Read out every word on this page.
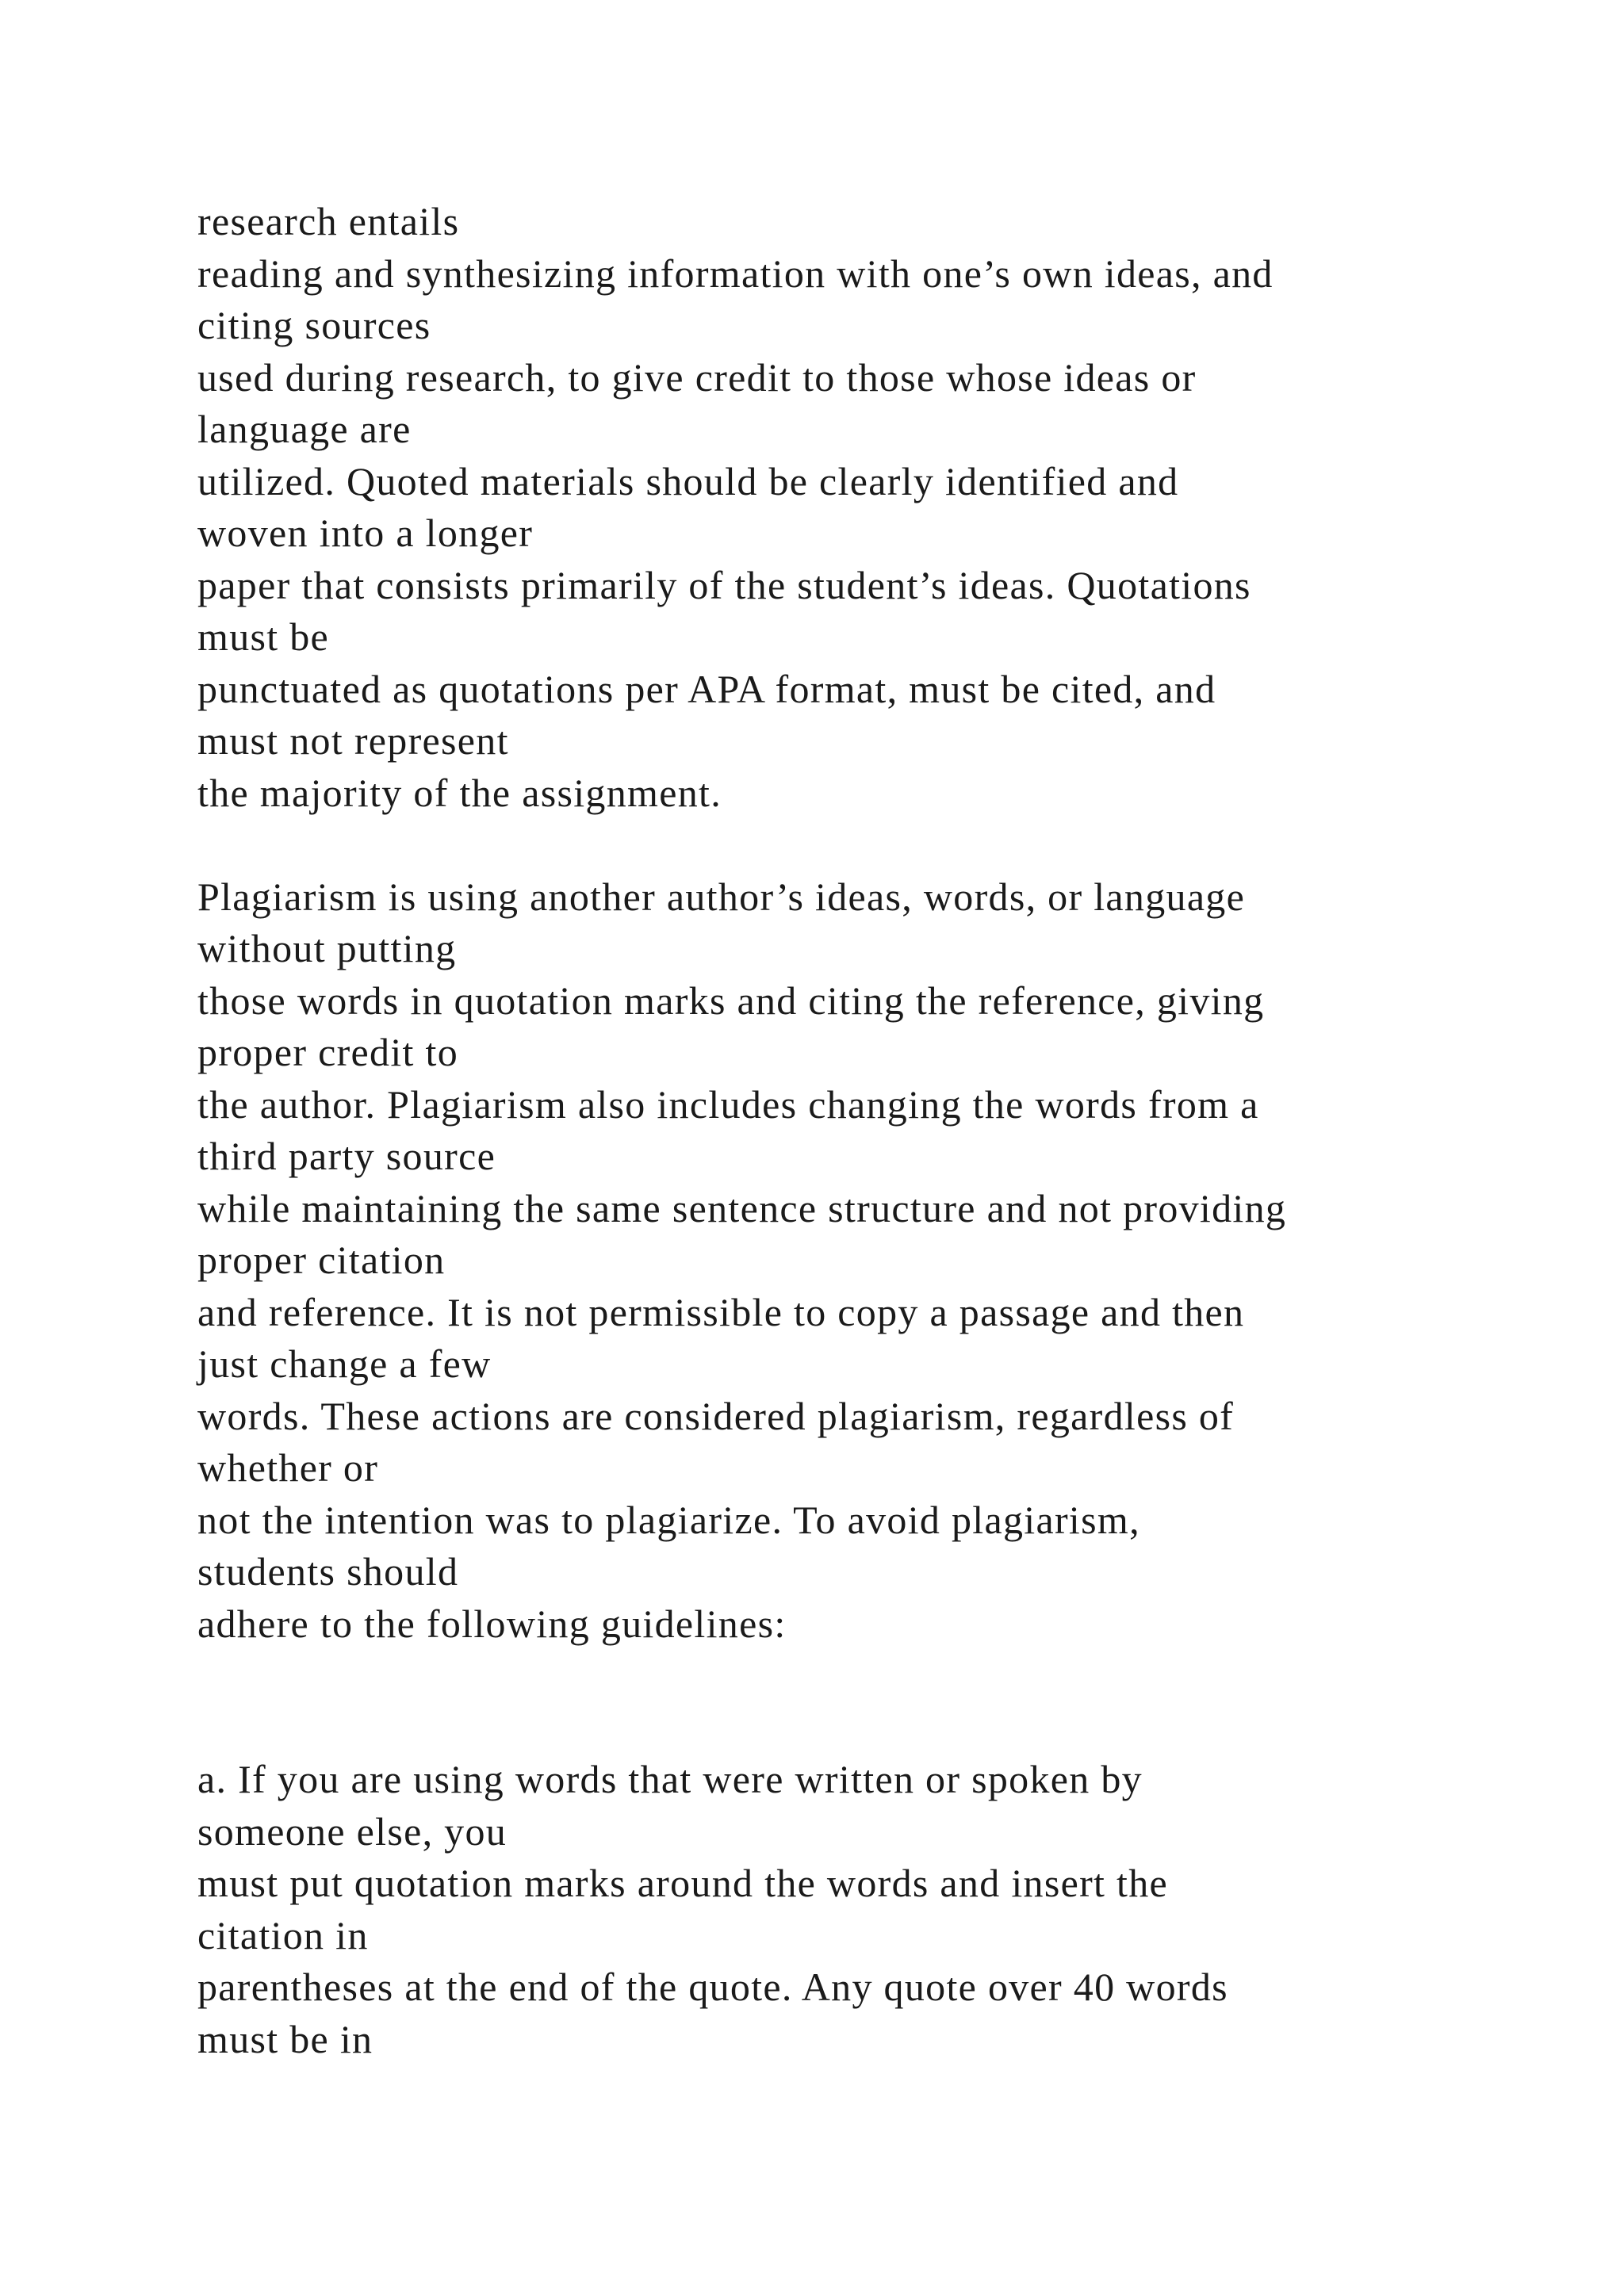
research entails
reading and synthesizing information with one’s own ideas, and
citing sources
used during research, to give credit to those whose ideas or
language are
utilized. Quoted materials should be clearly identified and
woven into a longer
paper that consists primarily of the student’s ideas. Quotations
must be
punctuated as quotations per APA format, must be cited, and
must not represent
the majority of the assignment.
Plagiarism is using another author’s ideas, words, or language
without putting
those words in quotation marks and citing the reference, giving
proper credit to
the author. Plagiarism also includes changing the words from a
third party source
while maintaining the same sentence structure and not providing
proper citation
and reference. It is not permissible to copy a passage and then
just change a few
words. These actions are considered plagiarism, regardless of
whether or
not the intention was to plagiarize. To avoid plagiarism,
students should
adhere to the following guidelines:
a. If you are using words that were written or spoken by
someone else, you
must put quotation marks around the words and insert the
citation in
parentheses at the end of the quote. Any quote over 40 words
must be in
